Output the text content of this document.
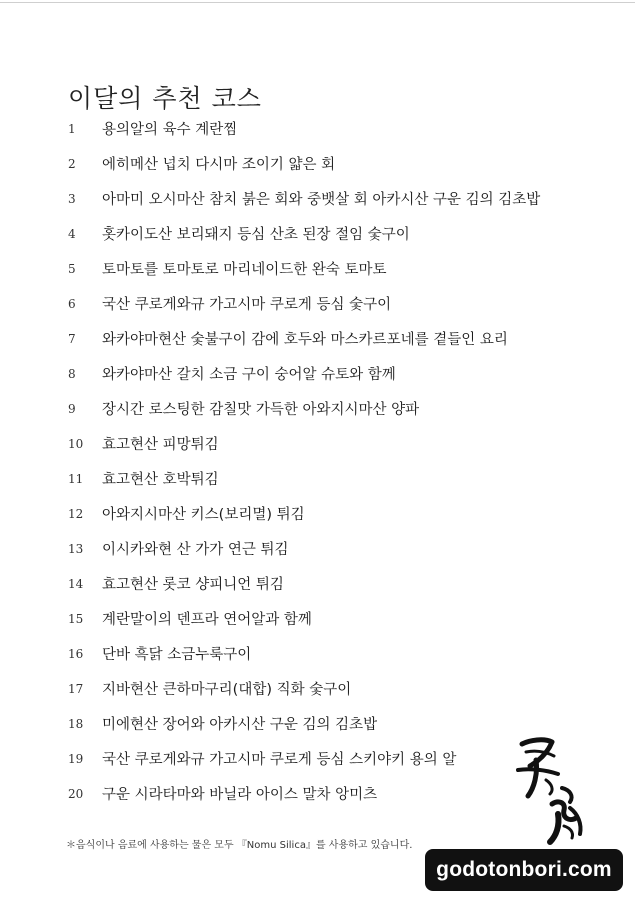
이달의 추천 코스
1	용의알의 육수 계란찜
2	에히메산 넙치 다시마 조이기 얇은 회
3	아마미 오시마산 참치 붉은 회와 중뱃살 회 아카시산 구운 김의 김초밥
4	홋카이도산 보리돼지 등심 산초 된장 절임 숯구이
5	토마토를 토마토로 마리네이드한 완숙 토마토
6	국산 쿠로게와규 가고시마 쿠로게 등심 숯구이
7	와카야마현산 숯불구이 감에 호두와 마스카르포네를 곁들인 요리
8	와카야마산 갈치 소금 구이 숭어알 슈토와 함께
9	장시간 로스팅한 감칠맛 가득한 아와지시마산 양파
10	효고현산 피망튀김
11	효고현산 호박튀김
12	아와지시마산 키스(보리멸) 튀김
13	이시카와현 산 가가 연근 튀김
14	효고현산 롯코 샹피니언 튀김
15	계란말이의 덴프라 연어알과 함께
16	단바 흑닭 소금누룩구이
17	지바현산 큰하마구리(대합) 직화 숯구이
18	미에현산 장어와 아카시산 구운 김의 김초밥
19	국산 쿠로게와규 가고시마 쿠로게 등심 스키야키 용의 알
20	구운 시라타마와 바닐라 아이스 말차 앙미츠
＊음식이나 음료에 사용하는 물은 모두 『Nomu Silica』를 사용하고 있습니다.
godotonbori.com
